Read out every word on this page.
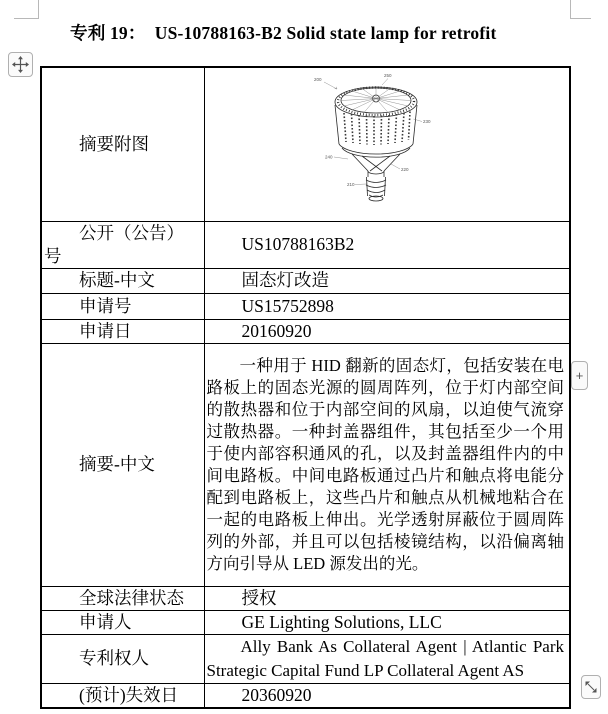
专利 19：  US-10788163-B2 Solid state lamp for retrofit
摘要附图	
200
250
230
240
220
210

公开（公告）号	US10788163B2
标题-中文	固态灯改造
申请号	US15752898
申请日	20160920
摘要-中文	一种用于 HID 翻新的固态灯，包括安装在电路板上的固态光源的圆周阵列，位于灯内部空间的散热器和位于内部空间的风扇，以迫使气流穿过散热器。一种封盖器组件，其包括至少一个用于使内部容积通风的孔，以及封盖器组件内的中间电路板。中间电路板通过凸片和触点将电能分配到电路板上，这些凸片和触点从机械地粘合在一起的电路板上伸出。光学透射屏蔽位于圆周阵列的外部，并且可以包括棱镜结构，以沿偏离轴方向引导从 LED 源发出的光。
全球法律状态	授权
申请人	GE Lighting Solutions, LLC
专利权人	Ally Bank As Collateral Agent | Atlantic Park Strategic Capital Fund LP Collateral Agent AS
(预计)失效日	20360920
+
